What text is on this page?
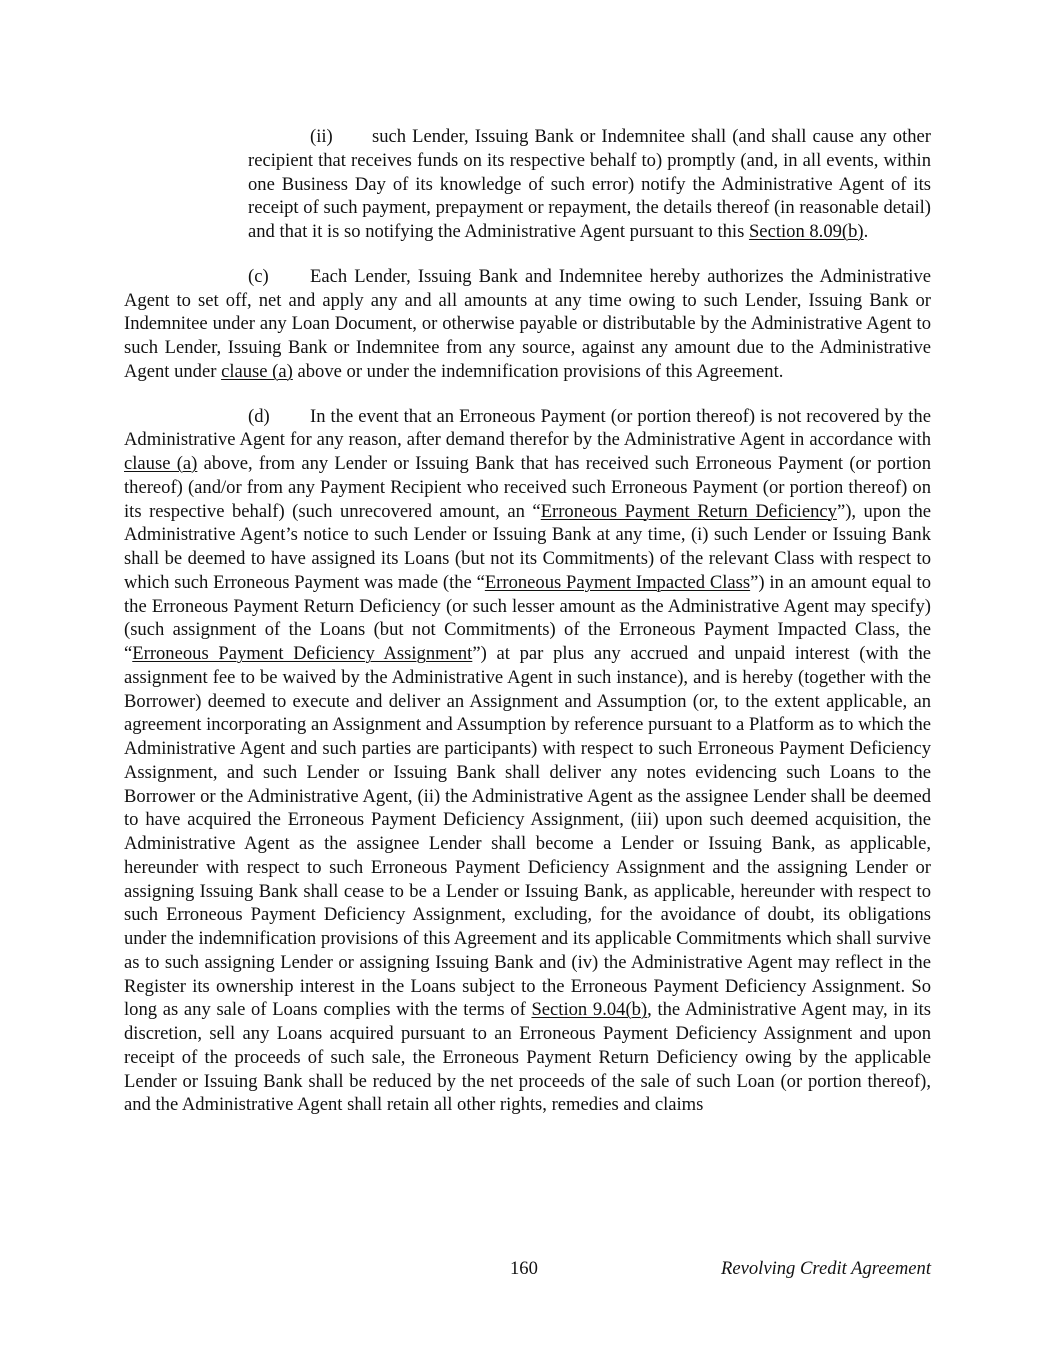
(ii) such Lender, Issuing Bank or Indemnitee shall (and shall cause any other recipient that receives funds on its respective behalf to) promptly (and, in all events, within one Business Day of its knowledge of such error) notify the Administrative Agent of its receipt of such payment, prepayment or repayment, the details thereof (in reasonable detail) and that it is so notifying the Administrative Agent pursuant to this Section 8.09(b).

(c) Each Lender, Issuing Bank and Indemnitee hereby authorizes the Administrative Agent to set off, net and apply any and all amounts at any time owing to such Lender, Issuing Bank or Indemnitee under any Loan Document, or otherwise payable or distributable by the Administrative Agent to such Lender, Issuing Bank or Indemnitee from any source, against any amount due to the Administrative Agent under clause (a) above or under the indemnification provisions of this Agreement.

(d) In the event that an Erroneous Payment (or portion thereof) is not recovered by the Administrative Agent for any reason, after demand therefor by the Administrative Agent in accordance with clause (a) above, from any Lender or Issuing Bank that has received such Erroneous Payment (or portion thereof) (and/or from any Payment Recipient who received such Erroneous Payment (or portion thereof) on its respective behalf) (such unrecovered amount, an “Erroneous Payment Return Deficiency”), upon the Administrative Agent’s notice to such Lender or Issuing Bank at any time, (i) such Lender or Issuing Bank shall be deemed to have assigned its Loans (but not its Commitments) of the relevant Class with respect to which such Erroneous Payment was made (the “Erroneous Payment Impacted Class”) in an amount equal to the Erroneous Payment Return Deficiency (or such lesser amount as the Administrative Agent may specify) (such assignment of the Loans (but not Commitments) of the Erroneous Payment Impacted Class, the “Erroneous Payment Deficiency Assignment”) at par plus any accrued and unpaid interest (with the assignment fee to be waived by the Administrative Agent in such instance), and is hereby (together with the Borrower) deemed to execute and deliver an Assignment and Assumption (or, to the extent applicable, an agreement incorporating an Assignment and Assumption by reference pursuant to a Platform as to which the Administrative Agent and such parties are participants) with respect to such Erroneous Payment Deficiency Assignment, and such Lender or Issuing Bank shall deliver any notes evidencing such Loans to the Borrower or the Administrative Agent, (ii) the Administrative Agent as the assignee Lender shall be deemed to have acquired the Erroneous Payment Deficiency Assignment, (iii) upon such deemed acquisition, the Administrative Agent as the assignee Lender shall become a Lender or Issuing Bank, as applicable, hereunder with respect to such Erroneous Payment Deficiency Assignment and the assigning Lender or assigning Issuing Bank shall cease to be a Lender or Issuing Bank, as applicable, hereunder with respect to such Erroneous Payment Deficiency Assignment, excluding, for the avoidance of doubt, its obligations under the indemnification provisions of this Agreement and its applicable Commitments which shall survive as to such assigning Lender or assigning Issuing Bank and (iv) the Administrative Agent may reflect in the Register its ownership interest in the Loans subject to the Erroneous Payment Deficiency Assignment. So long as any sale of Loans complies with the terms of Section 9.04(b), the Administrative Agent may, in its discretion, sell any Loans acquired pursuant to an Erroneous Payment Deficiency Assignment and upon receipt of the proceeds of such sale, the Erroneous Payment Return Deficiency owing by the applicable Lender or Issuing Bank shall be reduced by the net proceeds of the sale of such Loan (or portion thereof), and the Administrative Agent shall retain all other rights, remedies and claims

160	Revolving Credit Agreement
